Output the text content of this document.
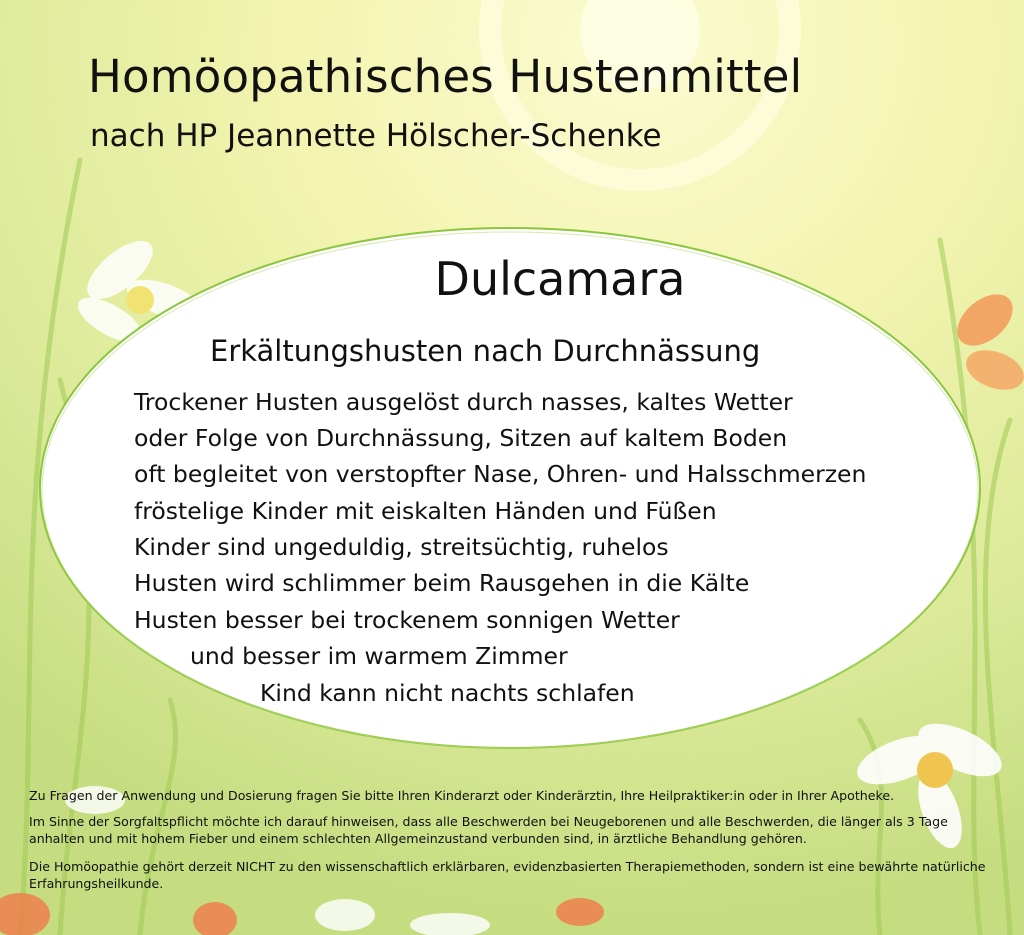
Homöopathisches Hustenmittel
nach HP Jeannette Hölscher-Schenke
Dulcamara
Erkältungshusten nach Durchnässung
Trockener Husten ausgelöst durch nasses, kaltes Wetter
oder Folge von Durchnässung, Sitzen auf kaltem Boden
oft begleitet von verstopfter Nase, Ohren- und Halsschmerzen
fröstelige Kinder mit eiskalten Händen und Füßen
Kinder sind ungeduldig, streitsüchtig, ruhelos
Husten wird schlimmer beim Rausgehen in die Kälte
Husten besser bei trockenem sonnigen Wetter
und besser im warmem Zimmer
Kind kann nicht nachts schlafen
Zu Fragen der Anwendung und Dosierung fragen Sie bitte Ihren Kinderarzt oder Kinderärztin, Ihre Heilpraktiker:in oder in Ihrer Apotheke.
Im Sinne der Sorgfaltspflicht möchte ich darauf hinweisen, dass alle Beschwerden bei Neugeborenen und alle Beschwerden, die länger als 3 Tage anhalten und mit hohem Fieber und einem schlechten Allgemeinzustand verbunden sind, in ärztliche Behandlung gehören.
Die Homöopathie gehört derzeit NICHT zu den wissenschaftlich erklärbaren, evidenzbasierten Therapiemethoden, sondern ist eine bewährte natürliche Erfahrungsheilkunde.
